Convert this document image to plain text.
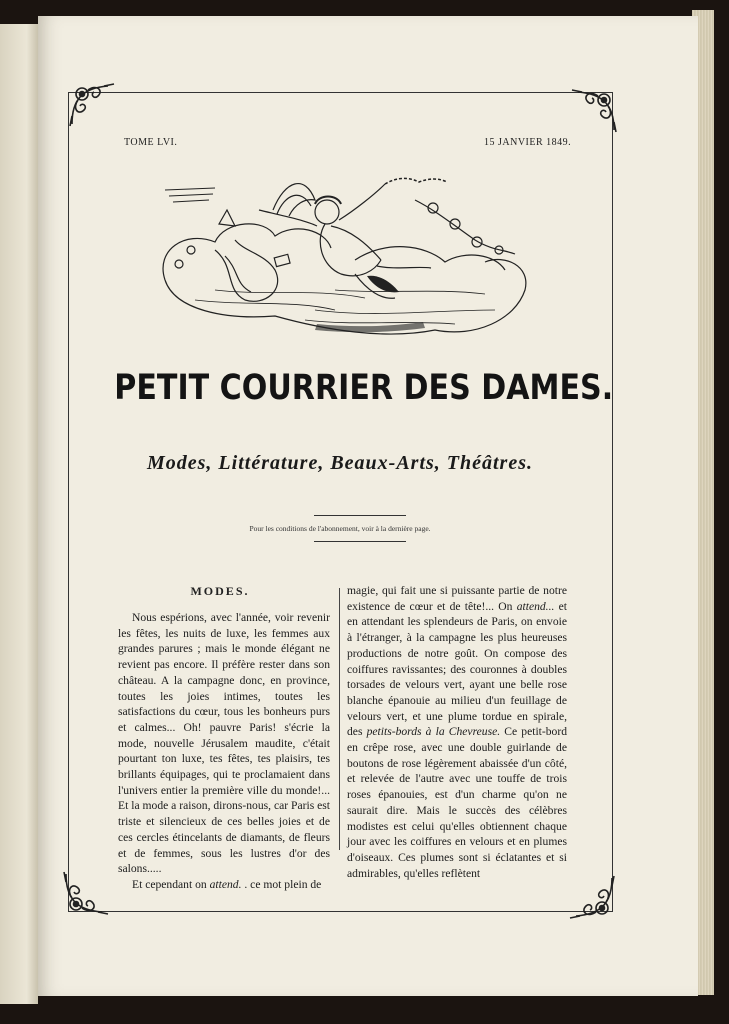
TOME LVI.	15 JANVIER 1849.
PETIT COURRIER DES DAMES.
Modes, Littérature, Beaux-Arts, Théâtres.
Pour les conditions de l'abonnement, voir à la dernière page.
MODES.

Nous espérions, avec l'année, voir revenir les fêtes, les nuits de luxe, les femmes aux grandes parures ; mais le monde élégant ne revient pas encore. Il préfère rester dans son château. A la campagne donc, en province, toutes les joies intimes, toutes les satisfactions du cœur, tous les bonheurs purs et calmes... Oh! pauvre Paris! s'écrie la mode, nouvelle Jérusalem maudite, c'était pourtant ton luxe, tes fêtes, tes plaisirs, tes brillants équipages, qui te proclamaient dans l'univers entier la première ville du monde!... Et la mode a raison, dirons-nous, car Paris est triste et silencieux de ces belles joies et de ces cercles étincelants de diamants, de fleurs et de femmes, sous les lustres d'or des salons.....

Et cependant on attend. . ce mot plein de

magie, qui fait une si puissante partie de notre existence de cœur et de tête!... On attend... et en attendant les splendeurs de Paris, on envoie à l'étranger, à la campagne les plus heureuses productions de notre goût. On compose des coiffures ravissantes; des couronnes à doubles torsades de velours vert, ayant une belle rose blanche épanouie au milieu d'un feuillage de velours vert, et une plume tordue en spirale, des petits-bords à la Chevreuse. Ce petit-bord en crêpe rose, avec une double guirlande de boutons de rose légèrement abaissée d'un côté, et relevée de l'autre avec une touffe de trois roses épanouies, est d'un charme qu'on ne saurait dire. Mais le succès des célèbres modistes est celui qu'elles obtiennent chaque jour avec les coiffures en velours et en plumes d'oiseaux. Ces plumes sont si éclatantes et si admirables, qu'elles reflètent
